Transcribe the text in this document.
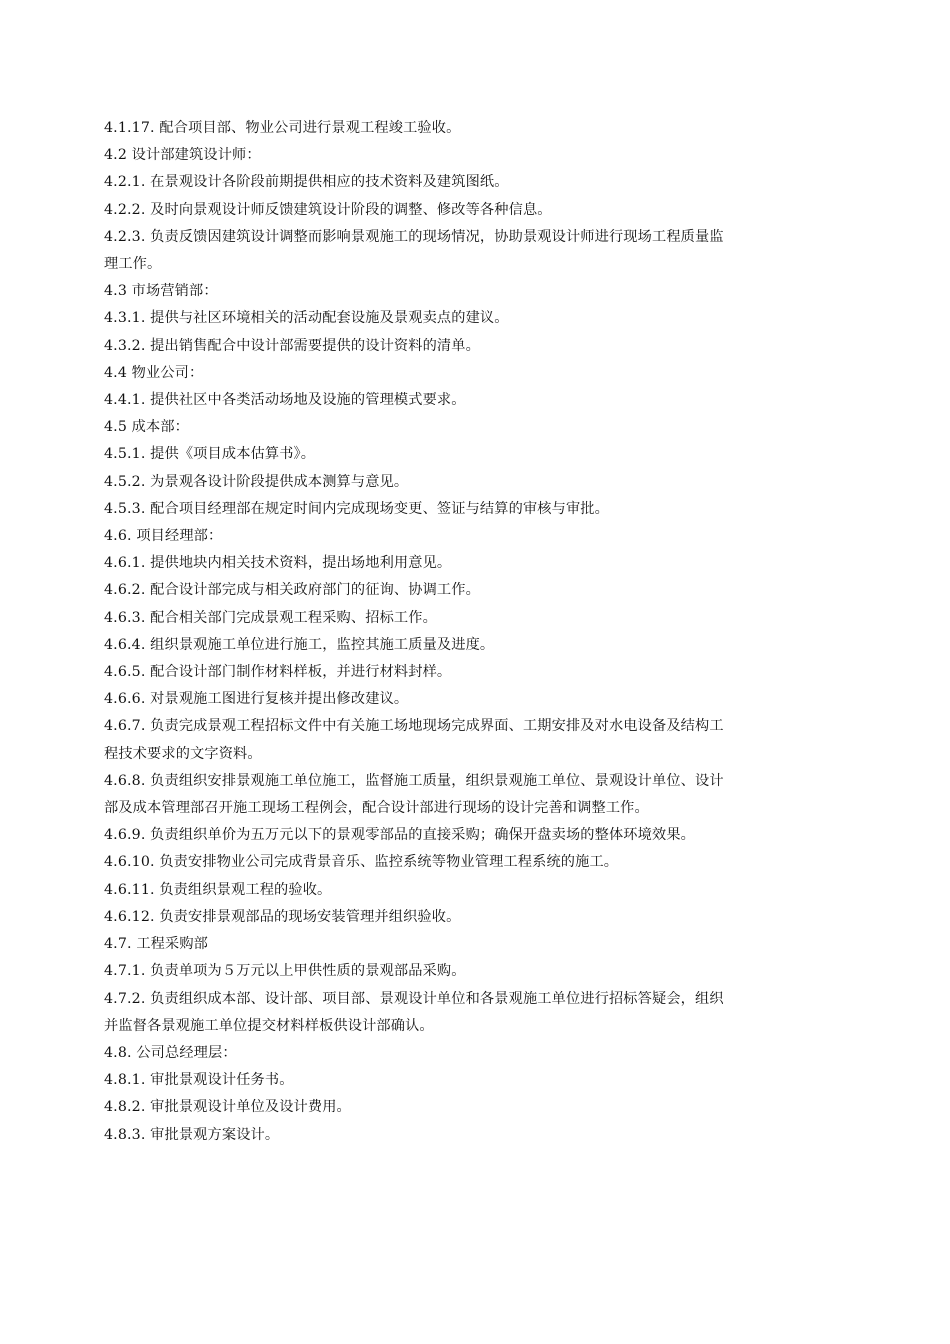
4.1.17. 配合项目部、物业公司进行景观工程竣工验收。
4.2 设计部建筑设计师：
4.2.1. 在景观设计各阶段前期提供相应的技术资料及建筑图纸。
4.2.2. 及时向景观设计师反馈建筑设计阶段的调整、修改等各种信息。
4.2.3. 负责反馈因建筑设计调整而影响景观施工的现场情况，协助景观设计师进行现场工程质量监
理工作。
4.3 市场营销部：
4.3.1. 提供与社区环境相关的活动配套设施及景观卖点的建议。
4.3.2. 提出销售配合中设计部需要提供的设计资料的清单。
4.4 物业公司：
4.4.1. 提供社区中各类活动场地及设施的管理模式要求。
4.5 成本部：
4.5.1. 提供《项目成本估算书》。
4.5.2. 为景观各设计阶段提供成本测算与意见。
4.5.3. 配合项目经理部在规定时间内完成现场变更、签证与结算的审核与审批。
4.6. 项目经理部：
4.6.1. 提供地块内相关技术资料，提出场地利用意见。
4.6.2. 配合设计部完成与相关政府部门的征询、协调工作。
4.6.3. 配合相关部门完成景观工程采购、招标工作。
4.6.4. 组织景观施工单位进行施工，监控其施工质量及进度。
4.6.5. 配合设计部门制作材料样板，并进行材料封样。
4.6.6. 对景观施工图进行复核并提出修改建议。
4.6.7. 负责完成景观工程招标文件中有关施工场地现场完成界面、工期安排及对水电设备及结构工
程技术要求的文字资料。
4.6.8. 负责组织安排景观施工单位施工，监督施工质量，组织景观施工单位、景观设计单位、设计
部及成本管理部召开施工现场工程例会，配合设计部进行现场的设计完善和调整工作。
4.6.9. 负责组织单价为五万元以下的景观零部品的直接采购；确保开盘卖场的整体环境效果。
4.6.10. 负责安排物业公司完成背景音乐、监控系统等物业管理工程系统的施工。
4.6.11. 负责组织景观工程的验收。
4.6.12. 负责安排景观部品的现场安装管理并组织验收。
4.7. 工程采购部
4.7.1. 负责单项为５万元以上甲供性质的景观部品采购。
4.7.2. 负责组织成本部、设计部、项目部、景观设计单位和各景观施工单位进行招标答疑会，组织
并监督各景观施工单位提交材料样板供设计部确认。
4.8. 公司总经理层：
4.8.1. 审批景观设计任务书。
4.8.2. 审批景观设计单位及设计费用。
4.8.3. 审批景观方案设计。
